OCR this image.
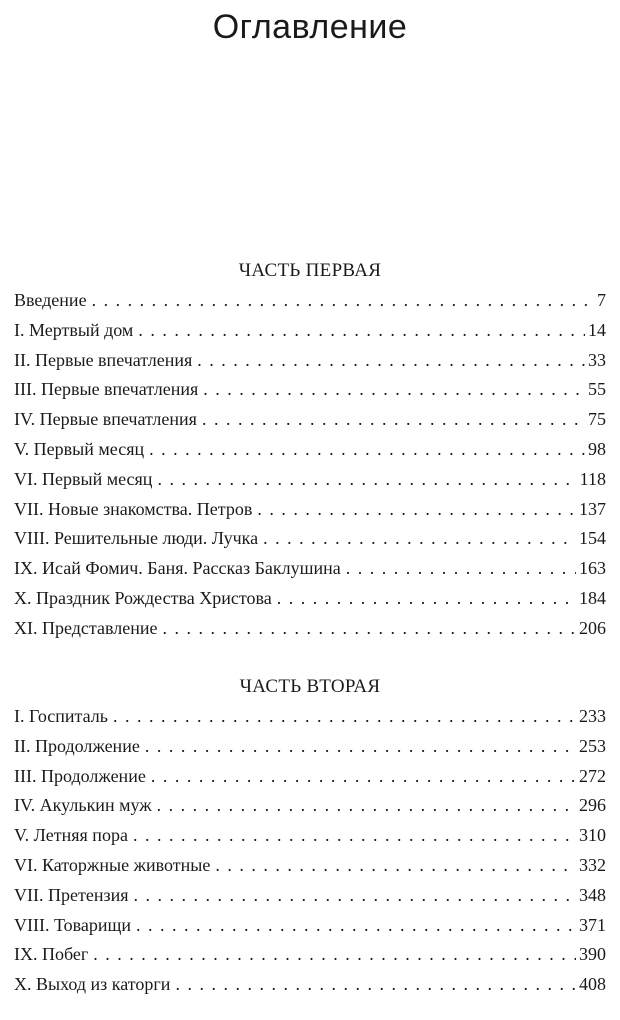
Оглавление
ЧАСТЬ ПЕРВАЯ
Введение . . .	7
I. Мертвый дом . . .	14
II. Первые впечатления . . .	33
III. Первые впечатления . . .	55
IV. Первые впечатления . . .	75
V. Первый месяц . . .	98
VI. Первый месяц . . .	118
VII. Новые знакомства. Петров . . .	137
VIII. Решительные люди. Лучка . . .	154
IX. Исай Фомич. Баня. Рассказ Баклушина . . .	163
X. Праздник Рождества Христова . . .	184
XI. Представление . . .	206
ЧАСТЬ ВТОРАЯ
I. Госпиталь . . .	233
II. Продолжение . . .	253
III. Продолжение . . .	272
IV. Акулькин муж . . .	296
V. Летняя пора . . .	310
VI. Каторжные животные . . .	332
VII. Претензия . . .	348
VIII. Товарищи . . .	371
IX. Побег . . .	390
X. Выход из каторги . . .	408
